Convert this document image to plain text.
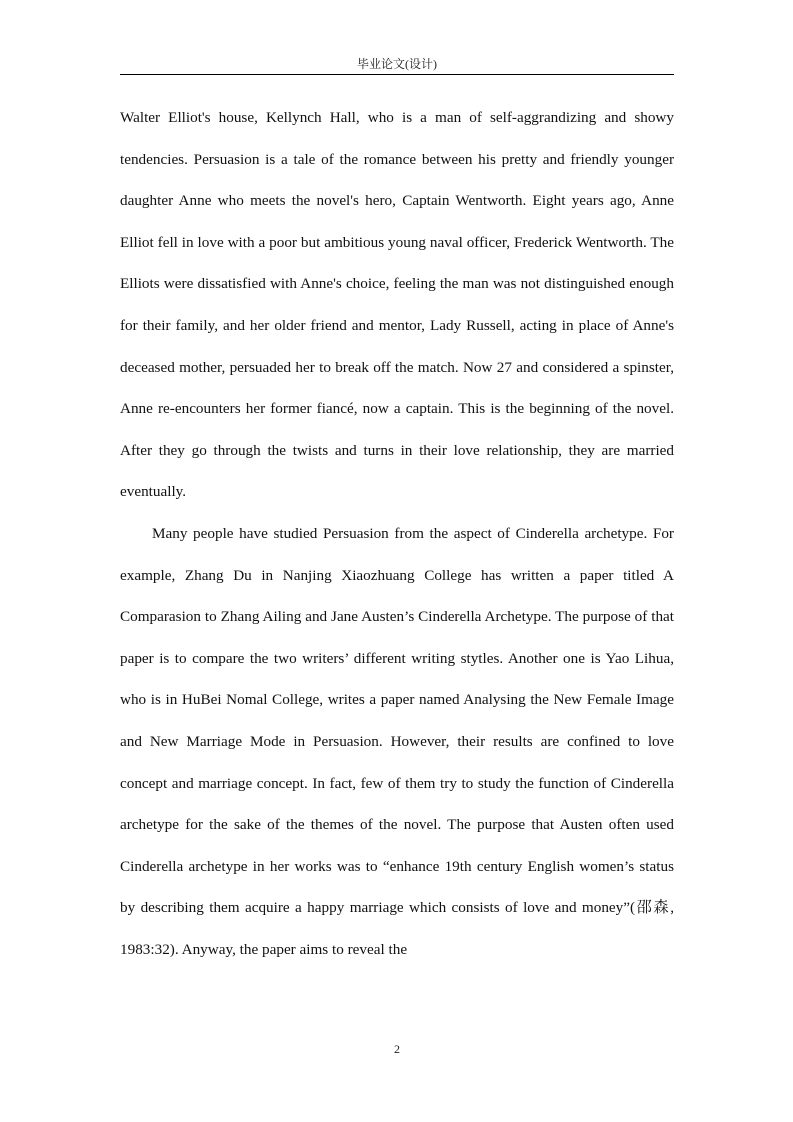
毕业论文(设计)

Walter Elliot's house, Kellynch Hall, who is a man of self-aggrandizing and showy tendencies. Persuasion is a tale of the romance between his pretty and friendly younger daughter Anne who meets the novel's hero, Captain Wentworth. Eight years ago, Anne Elliot fell in love with a poor but ambitious young naval officer, Frederick Wentworth. The Elliots were dissatisfied with Anne's choice, feeling the man was not distinguished enough for their family, and her older friend and mentor, Lady Russell, acting in place of Anne's deceased mother, persuaded her to break off the match. Now 27 and considered a spinster, Anne re-encounters her former fiancé, now a captain. This is the beginning of the novel. After they go through the twists and turns in their love relationship, they are married eventually.

Many people have studied Persuasion from the aspect of Cinderella archetype. For example, Zhang Du in Nanjing Xiaozhuang College has written a paper titled A Comparasion to Zhang Ailing and Jane Austen’s Cinderella Archetype. The purpose of that paper is to compare the two writers’ different writing stytles. Another one is Yao Lihua, who is in HuBei Nomal College, writes a paper named Analysing the New Female Image and New Marriage Mode in Persuasion. However, their results are confined to love concept and marriage concept. In fact, few of them try to study the function of Cinderella archetype for the sake of the themes of the novel. The purpose that Austen often used Cinderella archetype in her works was to “enhance 19th century English women’s status by describing them acquire a happy marriage which consists of love and money”(邵森, 1983:32). Anyway, the paper aims to reveal the

2
